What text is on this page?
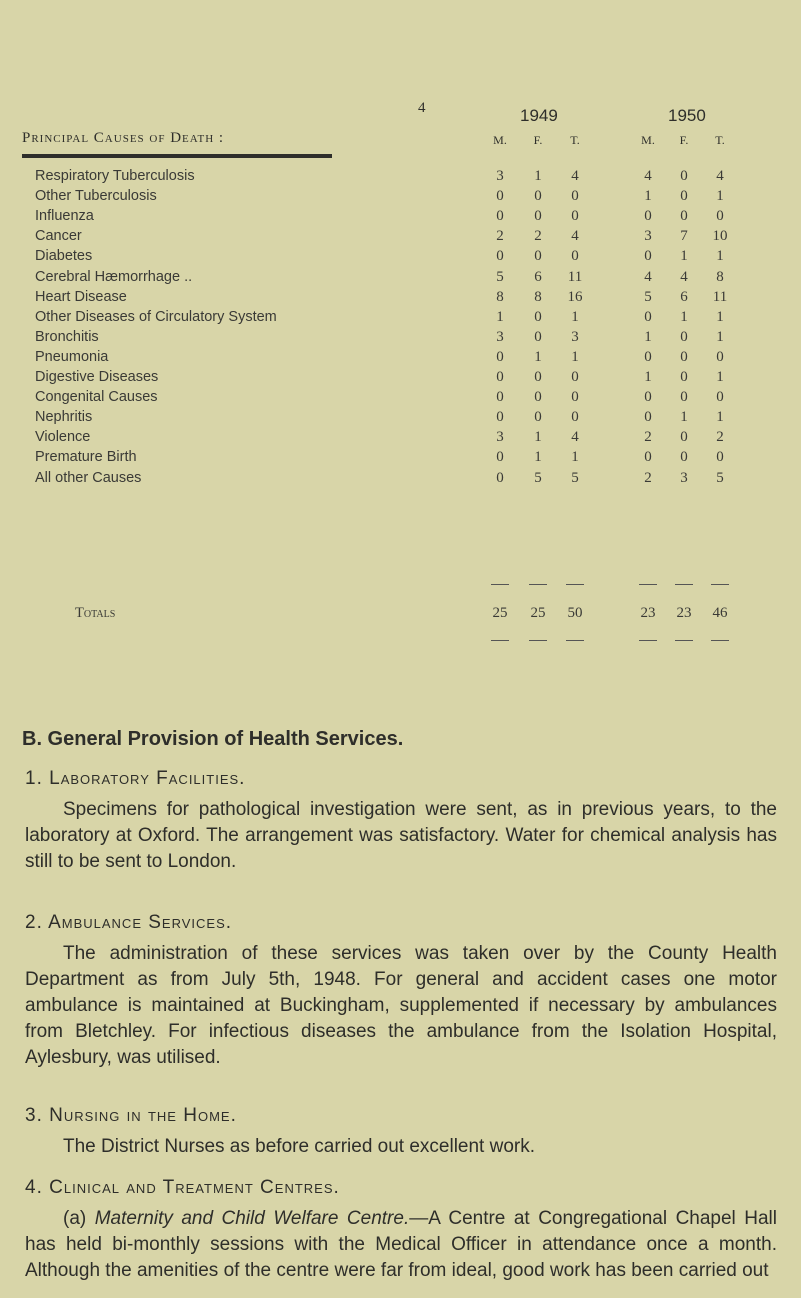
4	1949	1950
Principal Causes of Death :	M.	F.	T.	M.	F.	T.
Respiratory Tuberculosis	3	1	4	4	0	4
Other Tuberculosis	0	0	0	1	0	1
Influenza	0	0	0	0	0	0
Cancer	2	2	4	3	7	10
Diabetes	0	0	0	0	1	1
Cerebral Hæmorrhage ..	5	6	11	4	4	8
Heart Disease	8	8	16	5	6	11
Other Diseases of Circulatory System	1	0	1	0	1	1
Bronchitis	3	0	3	1	0	1
Pneumonia	0	1	1	0	0	0
Digestive Diseases	0	0	0	1	0	1
Congenital Causes	0	0	0	0	0	0
Nephritis	0	0	0	0	1	1
Violence	3	1	4	2	0	2
Premature Birth	0	1	1	0	0	0
All other Causes	0	5	5	2	3	5
Totals	25	25	50	23	23	46
B. General Provision of Health Services.
1. Laboratory Facilities.
Specimens for pathological investigation were sent, as in previous years, to the laboratory at Oxford. The arrangement was satisfactory. Water for chemical analysis has still to be sent to London.
2. Ambulance Services.
The administration of these services was taken over by the County Health Department as from July 5th, 1948. For general and accident cases one motor ambulance is maintained at Buckingham, supplemented if necessary by ambulances from Bletchley. For infectious diseases the ambulance from the Isolation Hospital, Aylesbury, was utilised.
3. Nursing in the Home.
The District Nurses as before carried out excellent work.
4. Clinical and Treatment Centres.
(a) Maternity and Child Welfare Centre.—A Centre at Congregational Chapel Hall has held bi-monthly sessions with the Medical Officer in attendance once a month. Although the amenities of the centre were far from ideal, good work has been carried out
